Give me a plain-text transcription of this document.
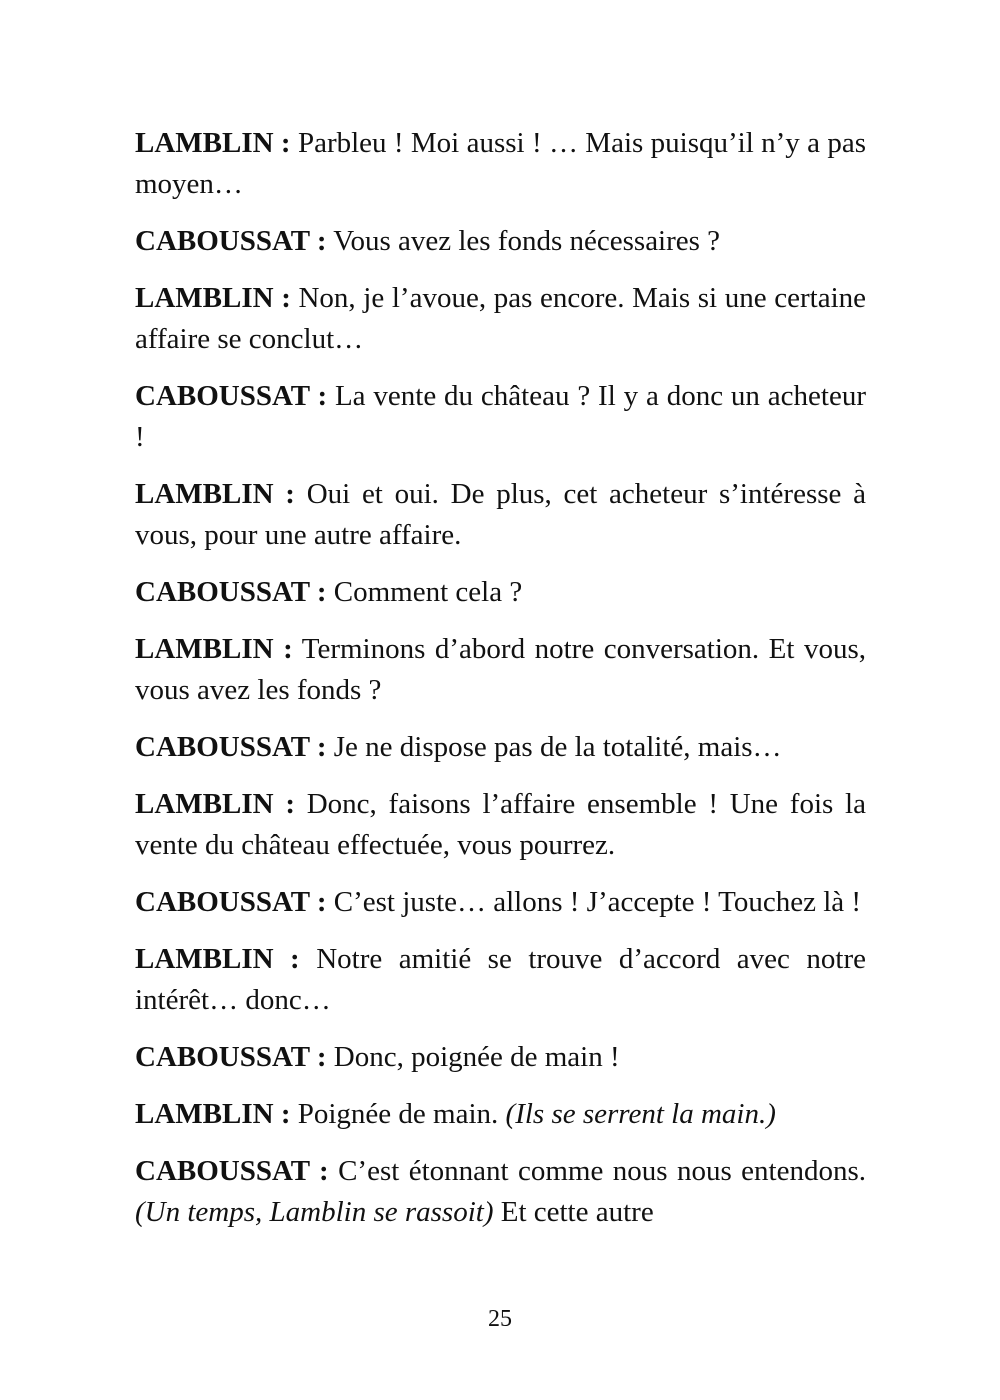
LAMBLIN : Parbleu ! Moi aussi ! … Mais puisqu’il n’y a pas moyen…

CABOUSSAT : Vous avez les fonds nécessaires ?

LAMBLIN : Non, je l’avoue, pas encore. Mais si une certaine affaire se conclut…

CABOUSSAT : La vente du château ? Il y a donc un acheteur !

LAMBLIN : Oui et oui. De plus, cet acheteur s’intéresse à vous, pour une autre affaire.

CABOUSSAT : Comment cela ?

LAMBLIN : Terminons d’abord notre conversation. Et vous, vous avez les fonds ?

CABOUSSAT : Je ne dispose pas de la totalité, mais…

LAMBLIN : Donc, faisons l’affaire ensemble ! Une fois la vente du château effectuée, vous pourrez.

CABOUSSAT : C’est juste… allons ! J’accepte ! Touchez là !

LAMBLIN : Notre amitié se trouve d’accord avec notre intérêt… donc…

CABOUSSAT : Donc, poignée de main !

LAMBLIN : Poignée de main. (Ils se serrent la main.)

CABOUSSAT : C’est étonnant comme nous nous entendons. (Un temps, Lamblin se rassoit) Et cette autre

25
